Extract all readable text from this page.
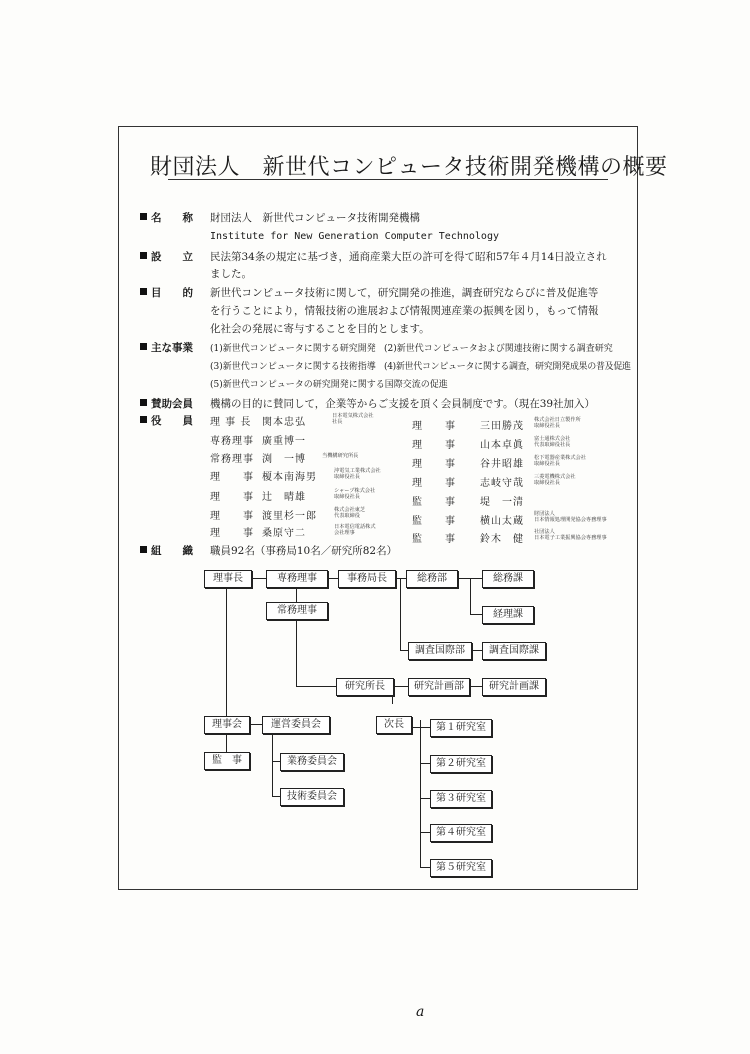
財団法人　新世代コンピュータ技術開発機構の概要
名　　称 財団法人　新世代コンピュータ技術開発機構
Institute for New Generation Computer Technology
設　　立 民法第34条の規定に基づき，通商産業大臣の許可を得て昭和57年４月14日設立され
ました。
目　　的 新世代コンピュータ技術に関して，研究開発の推進，調査研究ならびに普及促進等
を行うことにより，情報技術の進展および情報関連産業の振興を図り，もって情報
化社会の発展に寄与することを目的とします。
主な事業 (1)新世代コンピュータに関する研究開発 (2)新世代コンピュータおよび関連技術に関する調査研究
(3)新世代コンピュータに関する技術指導 (4)新世代コンピュータに関する調査，研究開発成果の普及促進
(5)新世代コンピュータの研究開発に関する国際交流の促進
賛助会員 機構の目的に賛同して，企業等からご支援を頂く会員制度です。（現在39社加入）
役　　員 理 事 長 関本忠弘
日本電気株式会社
社長
専務理事 廣重博一
常務理事 渕　一博	当機構研究所長
理　　事 榎本南海男
沖電気工業株式会社
取締役社長
理　　事 辻　晴雄
シャープ株式会社
取締役社長
理　　事 渡里杉一郎
株式会社東芝
代表取締役
理　　事 桑原守二
日本電信電話株式
会社理事
理　　事 三田勝茂
株式会社日立製作所
取締役社長
理　　事 山本卓眞
富士通株式会社
代表取締役社長
理　　事 谷井昭雄
松下電器産業株式会社
取締役社長
理　　事 志岐守哉
三菱電機株式会社
取締役社長
監　　事 堤　一清
監　　事 横山太蔵
財団法人
日本情報処理開発協会専務理事
監　　事 鈴木　健
社団法人
日本電子工業振興協会専務理事
組　　織 職員92名（事務局10名／研究所82名）
理事長	専務理事	事務局長	総務部	総務課
経理課
常務理事
調査国際部	調査国際課
研究所長	研究計画部	研究計画課
理事会	運営委員会	次長	第１研究室
監　事	業務委員会	第２研究室
技術委員会	第３研究室
第４研究室
第５研究室
a
